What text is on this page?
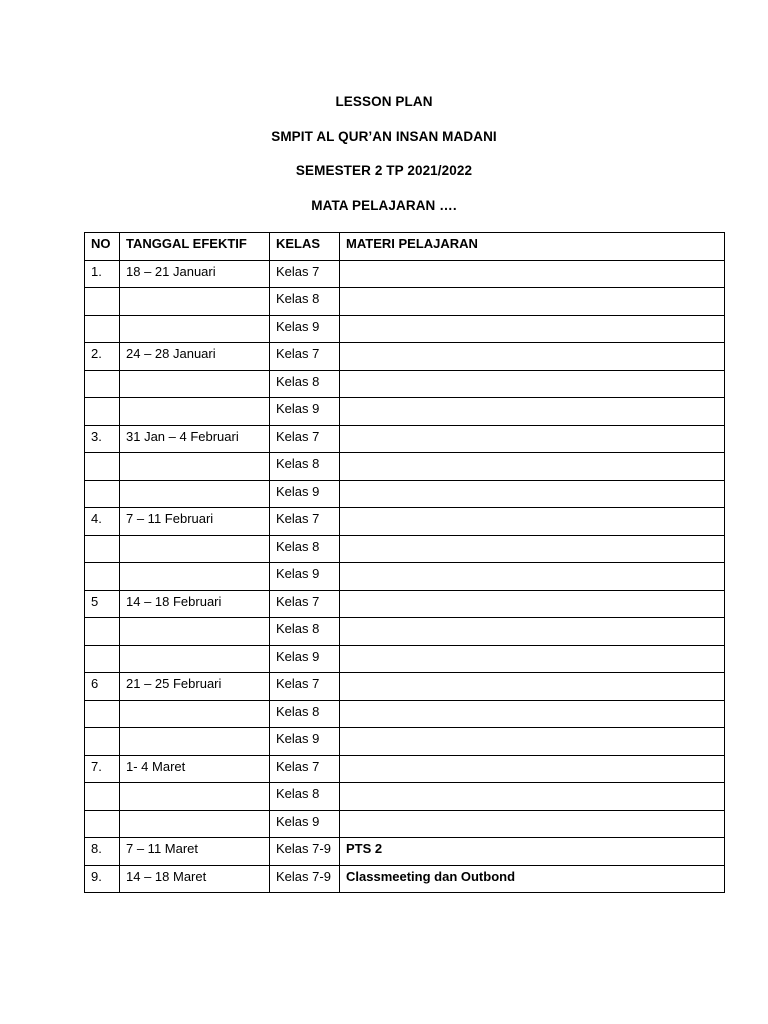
LESSON PLAN
SMPIT AL QUR’AN INSAN MADANI
SEMESTER 2 TP 2021/2022
MATA PELAJARAN ….
NO	TANGGAL EFEKTIF	KELAS	MATERI PELAJARAN
1.	18 – 21 Januari	Kelas 7	
		Kelas 8	
		Kelas 9	
2.	24 – 28 Januari	Kelas 7	
		Kelas 8	
		Kelas 9	
3.	31 Jan – 4 Februari	Kelas 7	
		Kelas 8	
		Kelas 9	
4.	7 – 11 Februari	Kelas 7	
		Kelas 8	
		Kelas 9	
5	14 – 18 Februari	Kelas 7	
		Kelas 8	
		Kelas 9	
6	21 – 25 Februari	Kelas 7	
		Kelas 8	
		Kelas 9	
7.	1- 4 Maret	Kelas 7	
		Kelas 8	
		Kelas 9	
8.	7 – 11 Maret	Kelas 7-9	PTS 2
9.	14 – 18 Maret	Kelas 7-9	Classmeeting dan Outbond
